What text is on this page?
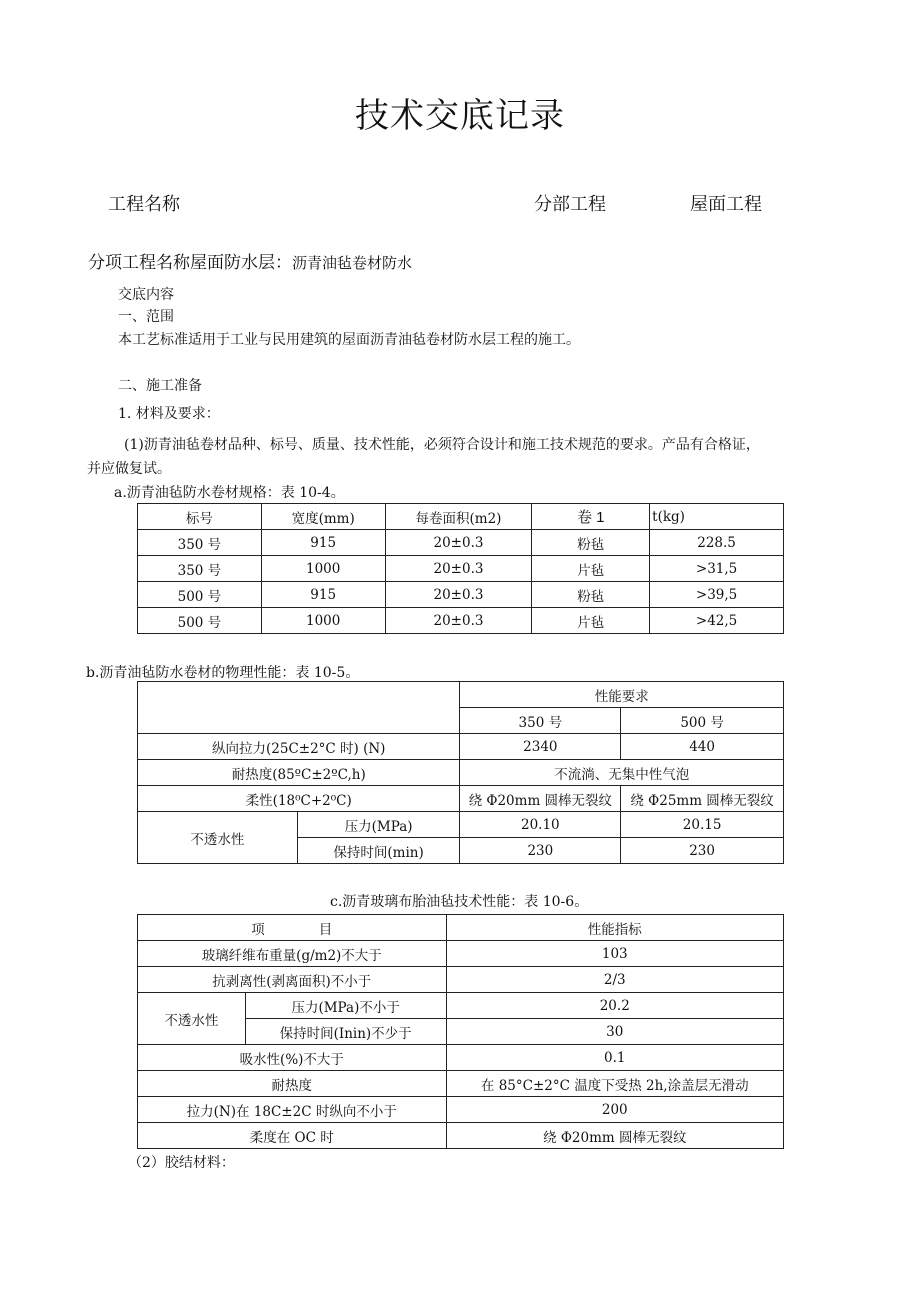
技术交底记录
工程名称	分部工程	屋面工程
分项工程名称屋面防水层：沥青油毡卷材防水
交底内容
一、范围
本工艺标准适用于工业与民用建筑的屋面沥青油毡卷材防水层工程的施工。
二、施工准备
1. 材料及要求：
(1)沥青油毡卷材品种、标号、质量、技术性能，必须符合设计和施工技术规范的要求。产品有合格证，
并应做复试。
a.沥青油毡防水卷材规格：表 10-4。
标号	宽度(mm)	每卷面积(m2)	卷 1	t(kg)
350 号	915	20±0.3	粉毡	228.5
350 号	1000	20±0.3	片毡	>31,5
500 号	915	20±0.3	粉毡	>39,5
500 号	1000	20±0.3	片毡	>42,5
b.沥青油毡防水卷材的物理性能：表 10-5。
		性能要求	
		350 号	500 号
纵向拉力(25C±2°C 时) (N)		2340	440
耐热度(85ºC±2ºC,h)		不流淌、无集中性气泡	
柔性(18⁰C+2⁰C)		绕 Φ20mm 圆棒无裂纹	绕 Φ25mm 圆棒无裂纹
不透水性	压力(MPa)	20.10	20.15
	保持时间(min)	230	230
c.沥青玻璃布胎油毡技术性能：表 10-6。
项　　　　目		性能指标
玻璃纤维布重量(g/m2)不大于		103
抗剥离性(剥离面积)不小于		2/3
不透水性	压力(MPa)不小于	20.2
	保持时间(Inin)不少于	30
吸水性(%)不大于		0.1
耐热度		在 85°C±2°C 温度下受热 2h,涂盖层无滑动
拉力(N)在 18C±2C 时纵向不小于		200
柔度在 OC 时		绕 Φ20mm 圆棒无裂纹
（2）胶结材料：
